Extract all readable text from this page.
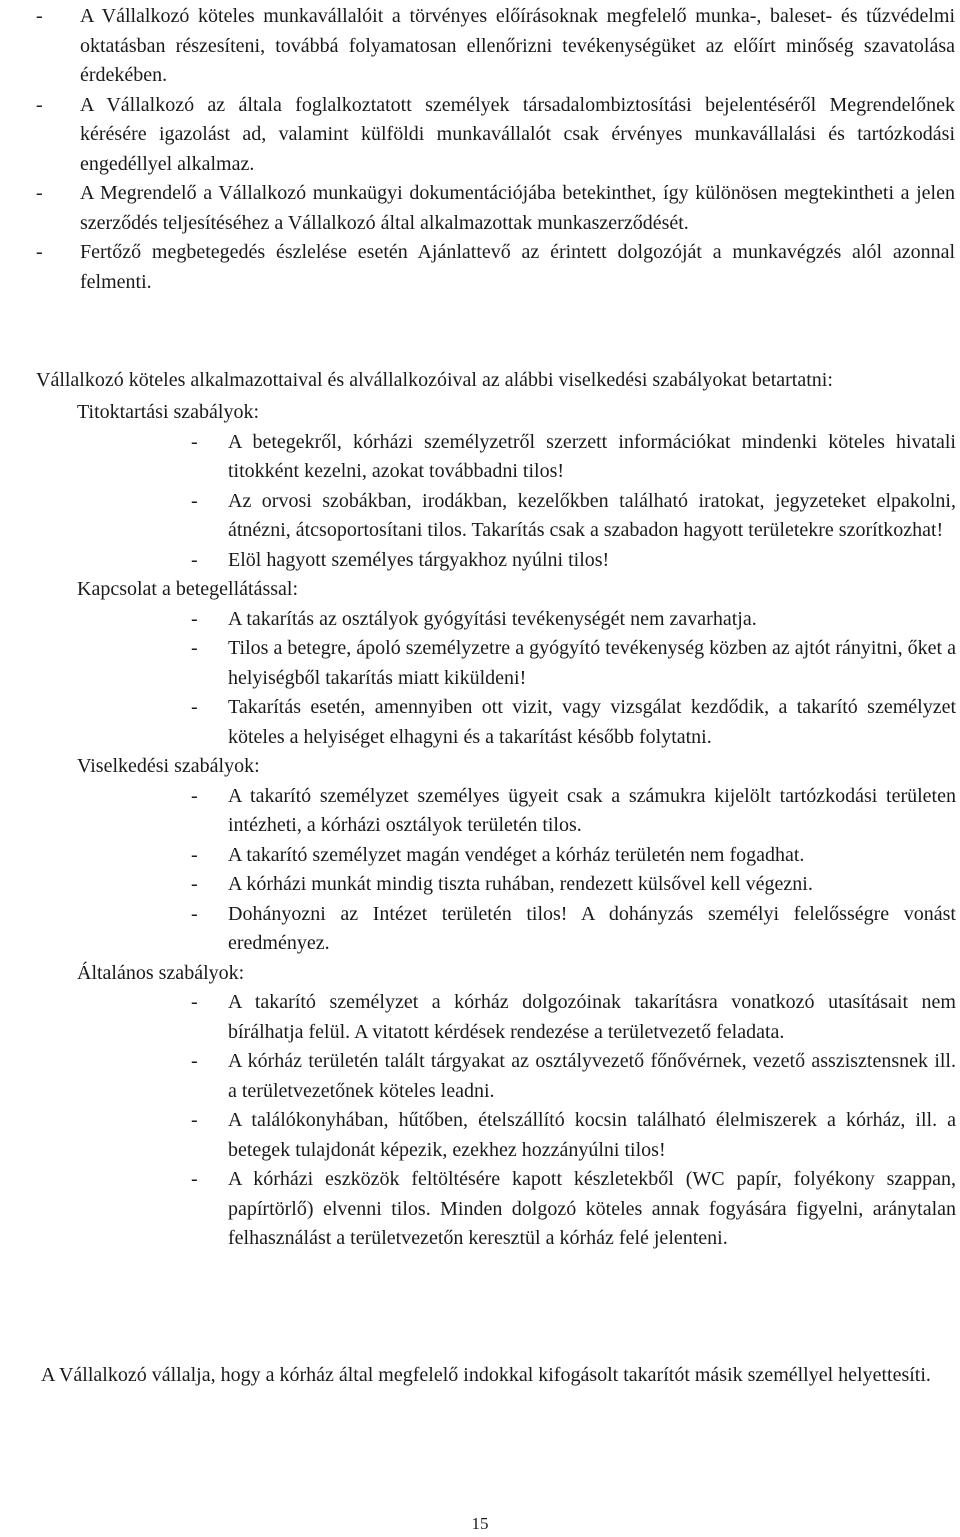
- A Vállalkozó köteles munkavállalóit a törvényes előírásoknak megfelelő munka-, baleset- és tűzvédelmi oktatásban részesíteni, továbbá folyamatosan ellenőrizni tevékenységüket az előírt minőség szavatolása érdekében.

- A Vállalkozó az általa foglalkoztatott személyek társadalombiztosítási bejelentéséről Megrendelőnek kérésére igazolást ad, valamint külföldi munkavállalót csak érvényes munkavállalási és tartózkodási engedéllyel alkalmaz.

- A Megrendelő a Vállalkozó munkaügyi dokumentációjába betekinthet, így különösen megtekintheti a jelen szerződés teljesítéséhez a Vállalkozó által alkalmazottak munkaszerződését.

- Fertőző megbetegedés észlelése esetén Ajánlattevő az érintett dolgozóját a munkavégzés alól azonnal felmenti.

Vállalkozó köteles alkalmazottaival és alvállalkozóival az alábbi viselkedési szabályokat betartatni:
Titoktartási szabályok:

- A betegekről, kórházi személyzetről szerzett információkat mindenki köteles hivatali titokként kezelni, azokat továbbadni tilos!

- Az orvosi szobákban, irodákban, kezelőkben található iratokat, jegyzeteket elpakolni, átnézni, átcsoportosítani tilos. Takarítás csak a szabadon hagyott területekre szorítkozhat!

- Elöl hagyott személyes tárgyakhoz nyúlni tilos!

Kapcsolat a betegellátással:

- A takarítás az osztályok gyógyítási tevékenységét nem zavarhatja.

- Tilos a betegre, ápoló személyzetre a gyógyító tevékenység közben az ajtót rányitni, őket a helyiségből takarítás miatt kiküldeni!

- Takarítás esetén, amennyiben ott vizit, vagy vizsgálat kezdődik, a takarító személyzet köteles a helyiséget elhagyni és a takarítást később folytatni.

Viselkedési szabályok:

- A takarító személyzet személyes ügyeit csak a számukra kijelölt tartózkodási területen intézheti, a kórházi osztályok területén tilos.

- A takarító személyzet magán vendéget a kórház területén nem fogadhat.

- A kórházi munkát mindig tiszta ruhában, rendezett külsővel kell végezni.

- Dohányozni az Intézet területén tilos! A dohányzás személyi felelősségre vonást eredményez.

Általános szabályok:

- A takarító személyzet a kórház dolgozóinak takarításra vonatkozó utasításait nem bírálhatja felül. A vitatott kérdések rendezése a területvezető feladata.

- A kórház területén talált tárgyakat az osztályvezető főnővérnek, vezető asszisztensnek ill. a területvezetőnek köteles leadni.

- A találókonyhában, hűtőben, ételszállító kocsin található élelmiszerek a kórház, ill. a betegek tulajdonát képezik, ezekhez hozzányúlni tilos!

- A kórházi eszközök feltöltésére kapott készletekből (WC papír, folyékony szappan, papírtörlő) elvenni tilos. Minden dolgozó köteles annak fogyására figyelni, aránytalan felhasználást a területvezetőn keresztül a kórház felé jelenteni.

A Vállalkozó vállalja, hogy a kórház által megfelelő indokkal kifogásolt takarítót másik személlyel helyettesíti.
15
